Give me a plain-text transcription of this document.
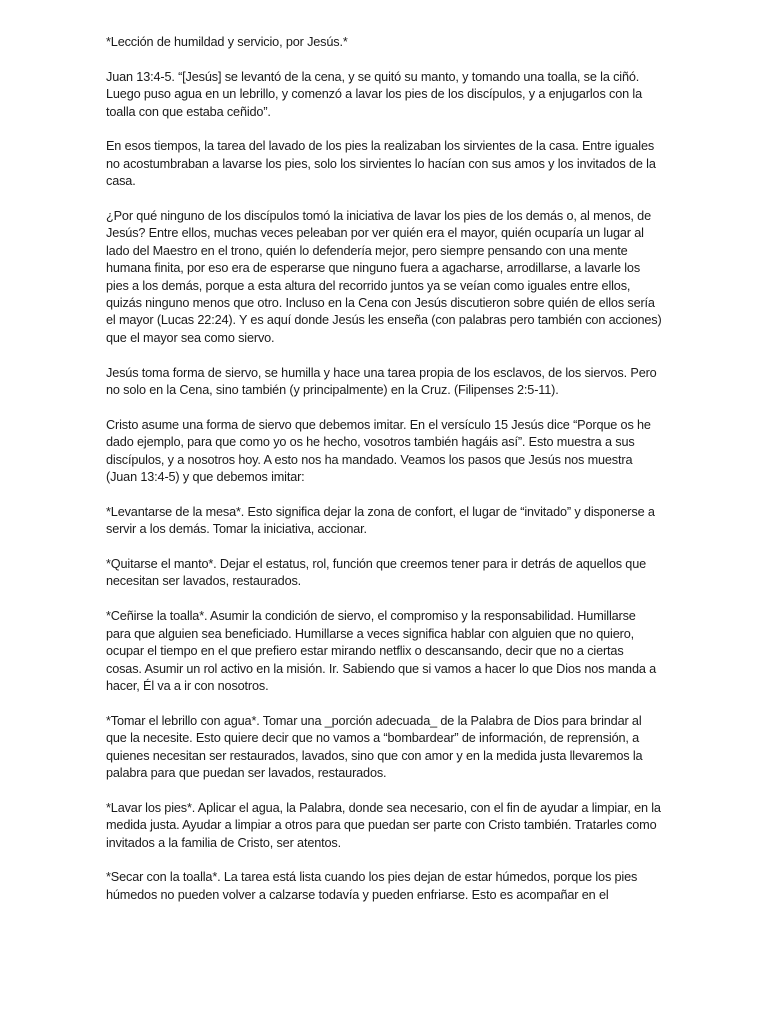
*Lección de humildad y servicio, por Jesús.*

Juan 13:4-5. “[Jesús] se levantó de la cena, y se quitó su manto, y tomando una toalla, se la ciñó. Luego puso agua en un lebrillo, y comenzó a lavar los pies de los discípulos, y a enjugarlos con la toalla con que estaba ceñido”.

En esos tiempos, la tarea del lavado de los pies la realizaban los sirvientes de la casa. Entre iguales no acostumbraban a lavarse los pies, solo los sirvientes lo hacían con sus amos y los invitados de la casa.

¿Por qué ninguno de los discípulos tomó la iniciativa de lavar los pies de los demás o, al menos, de Jesús? Entre ellos, muchas veces peleaban por ver quién era el mayor, quién ocuparía un lugar al lado del Maestro en el trono, quién lo defendería mejor, pero siempre pensando con una mente humana finita, por eso era de esperarse que ninguno fuera a agacharse, arrodillarse, a lavarle los pies a los demás, porque a esta altura del recorrido juntos ya se veían como iguales entre ellos, quizás ninguno menos que otro. Incluso en la Cena con Jesús discutieron sobre quién de ellos sería el mayor (Lucas 22:24). Y es aquí donde Jesús les enseña (con palabras pero también con acciones) que el mayor sea como siervo.

Jesús toma forma de siervo, se humilla y hace una tarea propia de los esclavos, de los siervos. Pero no solo en la Cena, sino también (y principalmente) en la Cruz. (Filipenses 2:5-11).

Cristo asume una forma de siervo que debemos imitar. En el versículo 15 Jesús dice “Porque os he dado ejemplo, para que como yo os he hecho, vosotros también hagáis así”. Esto muestra a sus discípulos, y a nosotros hoy. A esto nos ha mandado. Veamos los pasos que Jesús nos muestra (Juan 13:4-5) y que debemos imitar:

*Levantarse de la mesa*. Esto significa dejar la zona de confort, el lugar de “invitado” y disponerse a servir a los demás. Tomar la iniciativa, accionar.

*Quitarse el manto*. Dejar el estatus, rol, función que creemos tener para ir detrás de aquellos que necesitan ser lavados, restaurados.

*Ceñirse la toalla*. Asumir la condición de siervo, el compromiso y la responsabilidad. Humillarse para que alguien sea beneficiado. Humillarse a veces significa hablar con alguien que no quiero, ocupar el tiempo en el que prefiero estar mirando netflix o descansando, decir que no a ciertas cosas. Asumir un rol activo en la misión. Ir. Sabiendo que si vamos a hacer lo que Dios nos manda a hacer, Él va a ir con nosotros.

*Tomar el lebrillo con agua*. Tomar una _porción adecuada_ de la Palabra de Dios para brindar al que la necesite. Esto quiere decir que no vamos a “bombardear” de información, de reprensión, a quienes necesitan ser restaurados, lavados, sino que con amor y en la medida justa llevaremos la palabra para que puedan ser lavados, restaurados.

*Lavar los pies*. Aplicar el agua, la Palabra, donde sea necesario, con el fin de ayudar a limpiar, en la medida justa. Ayudar a limpiar a otros para que puedan ser parte con Cristo también. Tratarles como invitados a la familia de Cristo, ser atentos.

*Secar con la toalla*. La tarea está lista cuando los pies dejan de estar húmedos, porque los pies húmedos no pueden volver a calzarse todavía y pueden enfriarse. Esto es acompañar en el
